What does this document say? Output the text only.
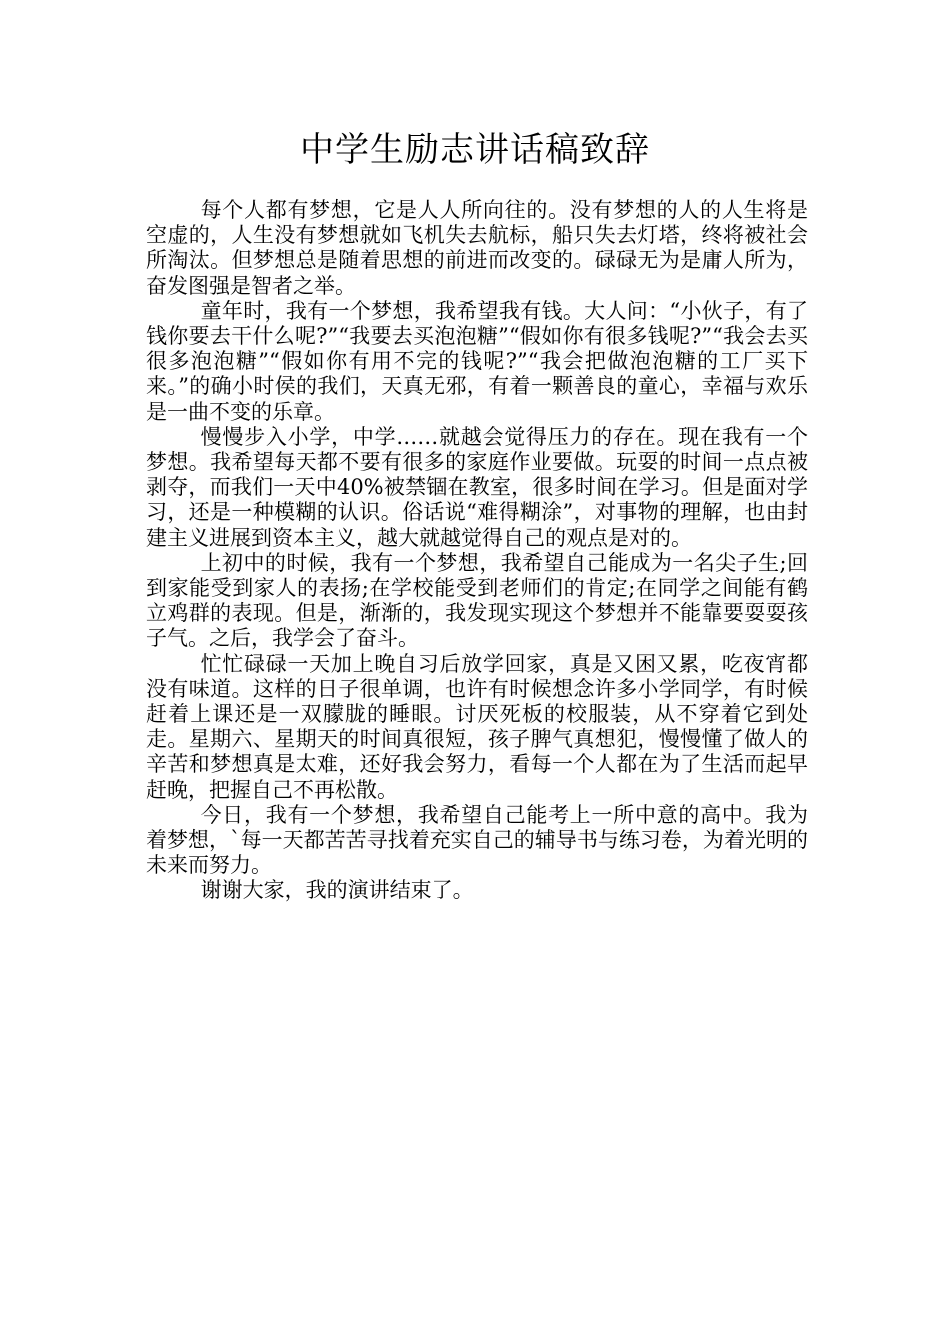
中学生励志讲话稿致辞

每个人都有梦想，它是人人所向往的。没有梦想的人的人生将是空虚的，人生没有梦想就如飞机失去航标，船只失去灯塔，终将被社会所淘汰。但梦想总是随着思想的前进而改变的。碌碌无为是庸人所为，奋发图强是智者之举。

童年时，我有一个梦想，我希望我有钱。大人问：“小伙子，有了钱你要去干什么呢?”“我要去买泡泡糖”“假如你有很多钱呢?”“我会去买很多泡泡糖”“假如你有用不完的钱呢?”“我会把做泡泡糖的工厂买下来。”的确小时侯的我们，天真无邪，有着一颗善良的童心，幸福与欢乐是一曲不变的乐章。

慢慢步入小学，中学……就越会觉得压力的存在。现在我有一个梦想。我希望每天都不要有很多的家庭作业要做。玩耍的时间一点点被剥夺，而我们一天中40%被禁锢在教室，很多时间在学习。但是面对学习，还是一种模糊的认识。俗话说“难得糊涂”，对事物的理解，也由封建主义进展到资本主义，越大就越觉得自己的观点是对的。

上初中的时候，我有一个梦想，我希望自己能成为一名尖子生;回到家能受到家人的表扬;在学校能受到老师们的肯定;在同学之间能有鹤立鸡群的表现。但是，渐渐的，我发现实现这个梦想并不能靠要耍耍孩子气。之后，我学会了奋斗。

忙忙碌碌一天加上晚自习后放学回家，真是又困又累，吃夜宵都没有味道。这样的日子很单调，也许有时候想念许多小学同学，有时候赶着上课还是一双朦胧的睡眼。讨厌死板的校服装，从不穿着它到处走。星期六、星期天的时间真很短，孩子脾气真想犯，慢慢懂了做人的辛苦和梦想真是太难，还好我会努力，看每一个人都在为了生活而起早赶晚，把握自己不再松散。

今日，我有一个梦想，我希望自己能考上一所中意的高中。我为着梦想，`每一天都苦苦寻找着充实自己的辅导书与练习卷，为着光明的未来而努力。

谢谢大家，我的演讲结束了。
